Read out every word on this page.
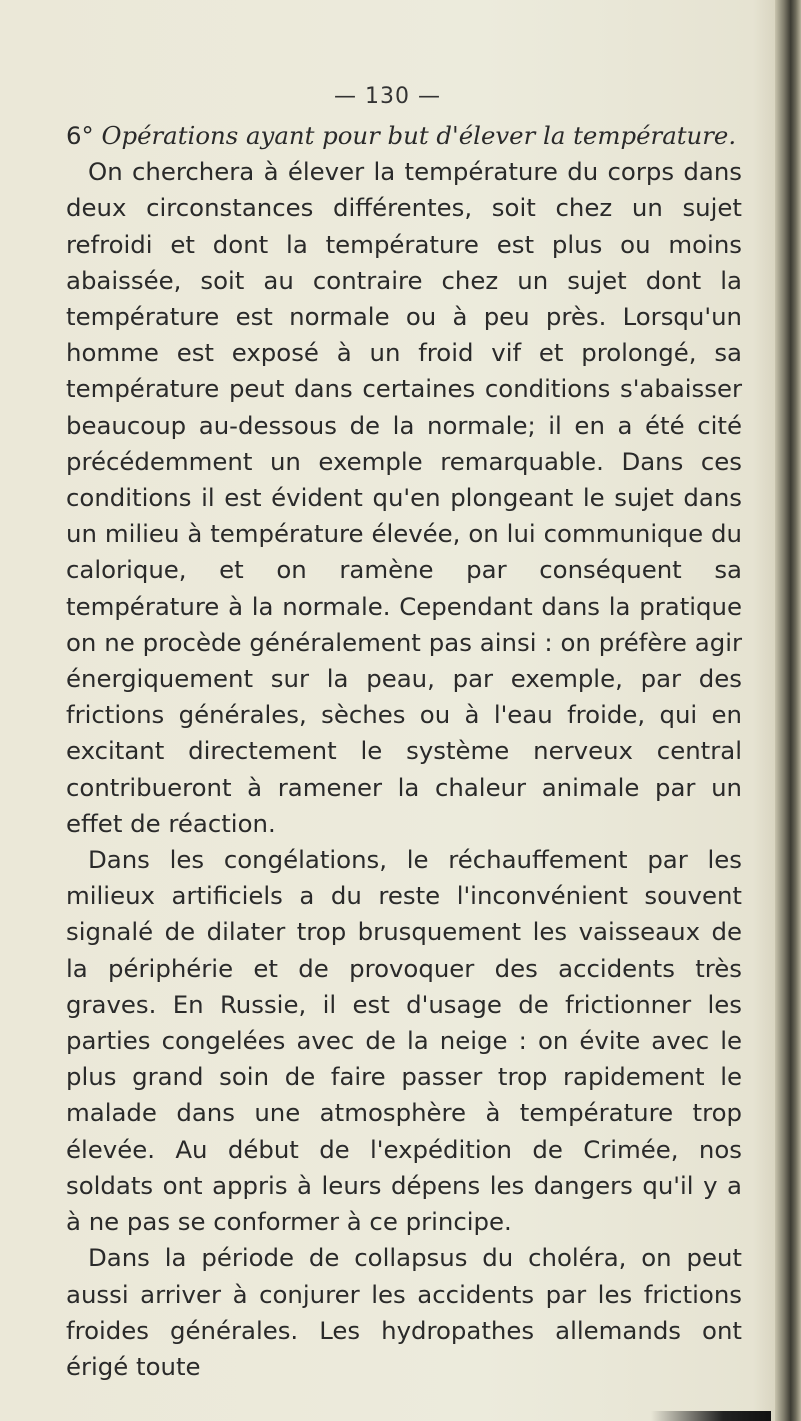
— 130 —

6° Opérations ayant pour but d'élever la température.

On cherchera à élever la température du corps dans deux circonstances différentes, soit chez un sujet refroidi et dont la température est plus ou moins abaissée, soit au contraire chez un sujet dont la température est normale ou à peu près. Lorsqu'un homme est exposé à un froid vif et prolongé, sa température peut dans certaines conditions s'abaisser beaucoup au-dessous de la normale; il en a été cité précédemment un exemple remarquable. Dans ces conditions il est évident qu'en plongeant le sujet dans un milieu à température élevée, on lui communique du calorique, et on ramène par conséquent sa température à la normale. Cependant dans la pratique on ne procède généralement pas ainsi : on préfère agir énergiquement sur la peau, par exemple, par des frictions générales, sèches ou à l'eau froide, qui en excitant directement le système nerveux central contribueront à ramener la chaleur animale par un effet de réaction.

Dans les congélations, le réchauffement par les milieux artificiels a du reste l'inconvénient souvent signalé de dilater trop brusquement les vaisseaux de la périphérie et de provoquer des accidents très graves. En Russie, il est d'usage de frictionner les parties congelées avec de la neige : on évite avec le plus grand soin de faire passer trop rapidement le malade dans une atmosphère à température trop élevée. Au début de l'expédition de Crimée, nos soldats ont appris à leurs dépens les dangers qu'il y a à ne pas se conformer à ce principe.

Dans la période de collapsus du choléra, on peut aussi arriver à conjurer les accidents par les frictions froides générales. Les hydropathes allemands ont érigé toute
